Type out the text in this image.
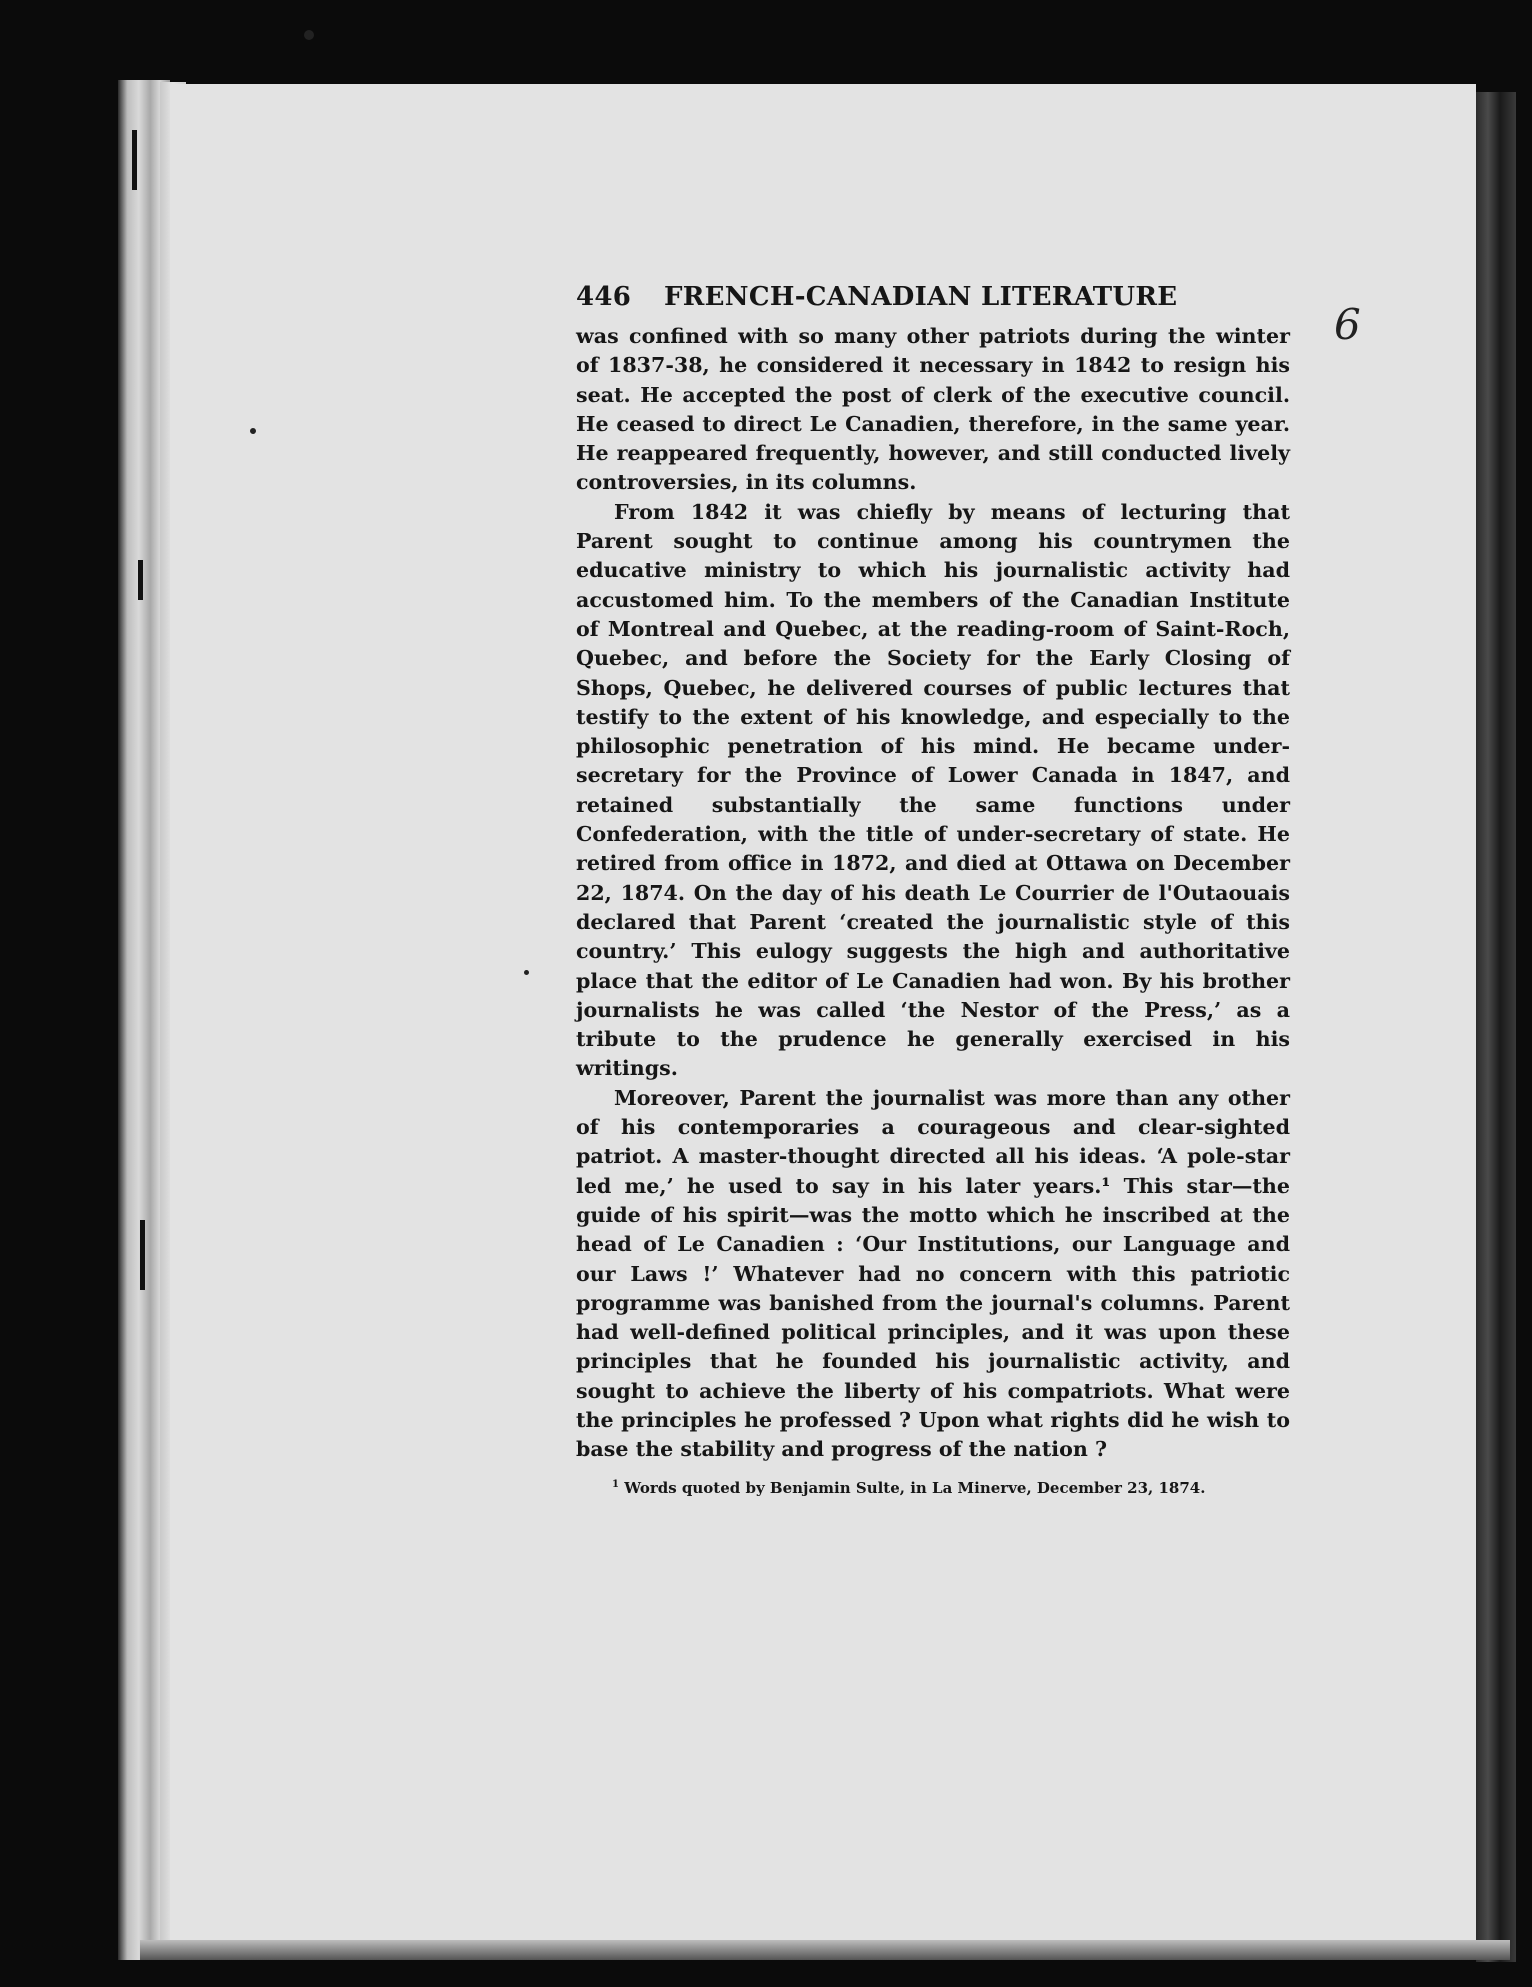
6
446 FRENCH-CANADIAN LITERATURE

was confined with so many other patriots during the winter of 1837-38, he considered it necessary in 1842 to resign his seat. He accepted the post of clerk of the executive council. He ceased to direct Le Canadien, therefore, in the same year. He reappeared frequently, however, and still conducted lively controversies, in its columns.

From 1842 it was chiefly by means of lecturing that Parent sought to continue among his countrymen the educative ministry to which his journalistic activity had accustomed him. To the members of the Canadian Institute of Montreal and Quebec, at the reading-room of Saint-Roch, Quebec, and before the Society for the Early Closing of Shops, Quebec, he delivered courses of public lectures that testify to the extent of his knowledge, and especially to the philosophic penetration of his mind. He became under-secretary for the Province of Lower Canada in 1847, and retained substantially the same functions under Confederation, with the title of under-secretary of state. He retired from office in 1872, and died at Ottawa on December 22, 1874. On the day of his death Le Courrier de l'Outaouais declared that Parent ‘created the journalistic style of this country.’ This eulogy suggests the high and authoritative place that the editor of Le Canadien had won. By his brother journalists he was called ‘the Nestor of the Press,’ as a tribute to the prudence he generally exercised in his writings.

Moreover, Parent the journalist was more than any other of his contemporaries a courageous and clear-sighted patriot. A master-thought directed all his ideas. ‘A pole-star led me,’ he used to say in his later years.¹ This star—the guide of his spirit—was the motto which he inscribed at the head of Le Canadien : ‘Our Institutions, our Language and our Laws !’ Whatever had no concern with this patriotic programme was banished from the journal's columns. Parent had well-defined political principles, and it was upon these principles that he founded his journalistic activity, and sought to achieve the liberty of his compatriots. What were the principles he professed ? Upon what rights did he wish to base the stability and progress of the nation ?

$^1$ Words quoted by Benjamin Sulte, in La Minerve, December 23, 1874.
